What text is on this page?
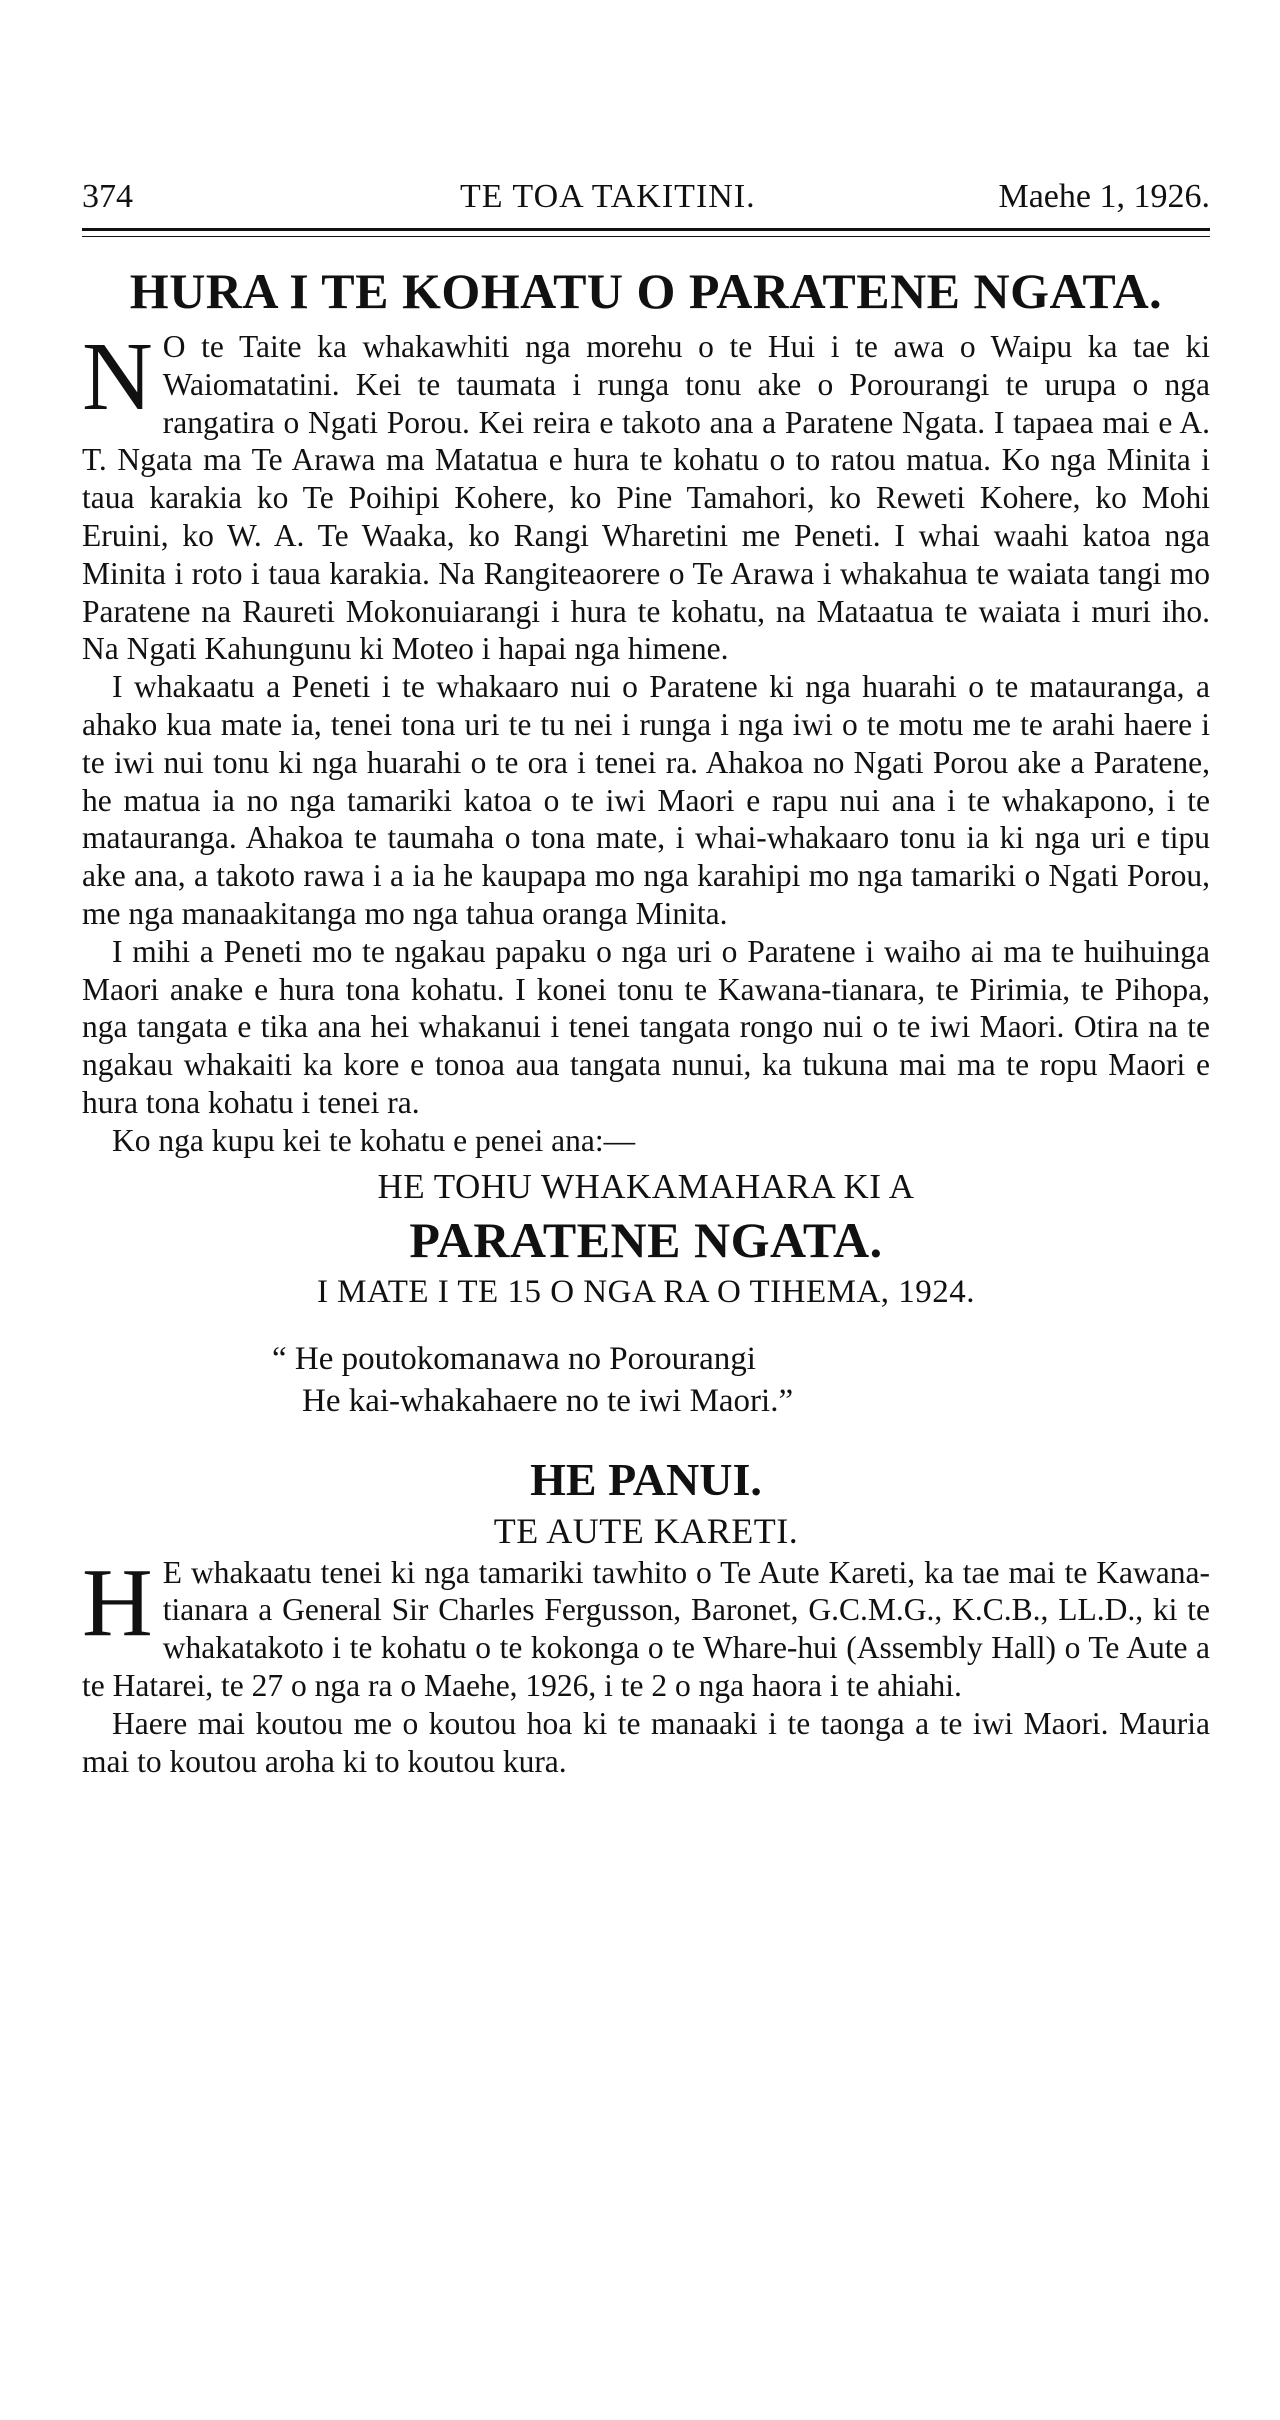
374	TE TOA TAKITINI.	Maehe 1, 1926.
HURA I TE KOHATU O PARATENE NGATA.

N O te Taite ka whakawhiti nga morehu o te Hui i te awa o Waipu ka tae ki Waiomatatini. Kei te taumata i runga tonu ake o Porourangi te urupa o nga rangatira o Ngati Porou. Kei reira e takoto ana a Paratene Ngata. I tapaea mai e A. T. Ngata ma Te Arawa ma Matatua e hura te kohatu o to ratou matua. Ko nga Minita i taua karakia ko Te Poihipi Kohere, ko Pine Tamahori, ko Reweti Kohere, ko Mohi Eruini, ko W. A. Te Waaka, ko Rangi Wharetini me Peneti. I whai waahi katoa nga Minita i roto i taua karakia. Na Rangiteaorere o Te Arawa i whakahua te waiata tangi mo Paratene na Raureti Mokonuiarangi i hura te kohatu, na Mataatua te waiata i muri iho. Na Ngati Kahungunu ki Moteo i hapai nga himene.

I whakaatu a Peneti i te whakaaro nui o Paratene ki nga huarahi o te matauranga, a ahako kua mate ia, tenei tona uri te tu nei i runga i nga iwi o te motu me te arahi haere i te iwi nui tonu ki nga huarahi o te ora i tenei ra. Ahakoa no Ngati Porou ake a Paratene, he matua ia no nga tamariki katoa o te iwi Maori e rapu nui ana i te whakapono, i te matauranga. Ahakoa te taumaha o tona mate, i whai-whakaaro tonu ia ki nga uri e tipu ake ana, a takoto rawa i a ia he kaupapa mo nga karahipi mo nga tamariki o Ngati Porou, me nga manaakitanga mo nga tahua oranga Minita.

I mihi a Peneti mo te ngakau papaku o nga uri o Paratene i waiho ai ma te huihuinga Maori anake e hura tona kohatu. I konei tonu te Kawana-tianara, te Pirimia, te Pihopa, nga tangata e tika ana hei whakanui i tenei tangata rongo nui o te iwi Maori. Otira na te ngakau whakaiti ka kore e tonoa aua tangata nunui, ka tukuna mai ma te ropu Maori e hura tona kohatu i tenei ra.

Ko nga kupu kei te kohatu e penei ana:—

HE TOHU WHAKAMAHARA KI A
PARATENE NGATA.
I MATE I TE 15 O NGA RA O TIHEMA, 1924.
“ He poutokomanawa no Porourangi
He kai-whakahaere no te iwi Maori.”
HE PANUI.
TE AUTE KARETI.

H E whakaatu tenei ki nga tamariki tawhito o Te Aute Kareti, ka tae mai te Kawana-tianara a General Sir Charles Fergusson, Baronet, G.C.M.G., K.C.B., LL.D., ki te whakatakoto i te kohatu o te kokonga o te Whare-hui (Assembly Hall) o Te Aute a te Hatarei, te 27 o nga ra o Maehe, 1926, i te 2 o nga haora i te ahiahi.

Haere mai koutou me o koutou hoa ki te manaaki i te taonga a te iwi Maori. Mauria mai to koutou aroha ki to koutou kura.
